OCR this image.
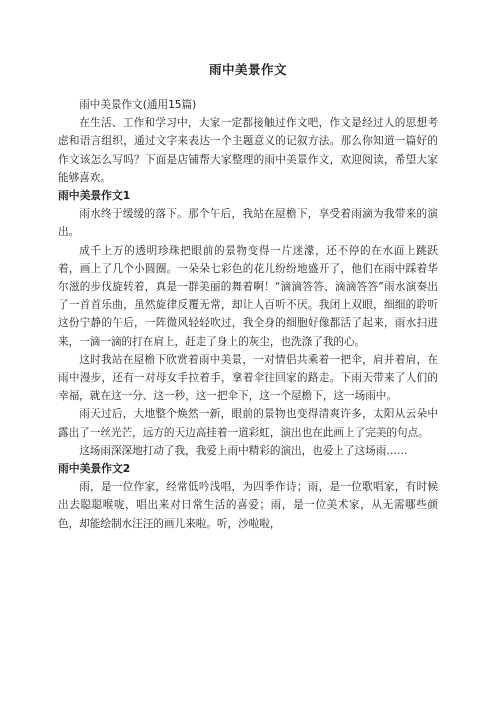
雨中美景作文

雨中美景作文(通用15篇)

在生活、工作和学习中，大家一定都接触过作文吧，作文是经过人的思想考虑和语言组织，通过文字来表达一个主题意义的记叙方法。那么你知道一篇好的作文该怎么写吗？下面是店铺帮大家整理的雨中美景作文，欢迎阅读，希望大家能够喜欢。

雨中美景作文1

雨水终于缓缓的落下。那个午后，我站在屋檐下，享受着雨滴为我带来的演出。

成千上万的透明珍珠把眼前的景物变得一片迷濛，还不停的在水面上跳跃着，画上了几个小圆圈。一朵朵七彩色的花儿纷纷地盛开了，他们在雨中踩着华尔滋的步伐旋转着，真是一群美丽的舞着啊！“滴滴答答、滴滴答答”雨水演奏出了一首首乐曲，虽然旋律反覆无常，却让人百听不厌。我闭上双眼，细细的聆听这份宁静的午后，一阵微风轻轻吹过，我全身的细胞好像都活了起来，雨水扫进来，一滴一滴的打在肩上，赶走了身上的灰尘，也洗涤了我的心。

这时我站在屋檐下欣赏着雨中美景，一对情侣共乘着一把伞，肩并着肩，在雨中漫步，还有一对母女手拉着手，拿着伞往回家的路走。下雨天带来了人们的幸福，就在这一分、这一秒，这一把伞下，这一个屋檐下，这一场雨中。

雨天过后，大地整个焕然一新，眼前的景物也变得清爽许多，太阳从云朵中露出了一丝光芒，远方的天边高挂着一道彩虹，演出也在此画上了完美的句点。

这场雨深深地打动了我，我爱上雨中精彩的演出，也爱上了这场雨……

雨中美景作文2

雨，是一位作家，经常低吟浅唱，为四季作诗；雨，是一位歌唱家，有时候出去聪聪喉咙，唱出来对日常生活的喜爱；雨，是一位美术家，从无需哪些颜色，却能绘制水汪汪的画儿来啦。听，沙啦啦，
